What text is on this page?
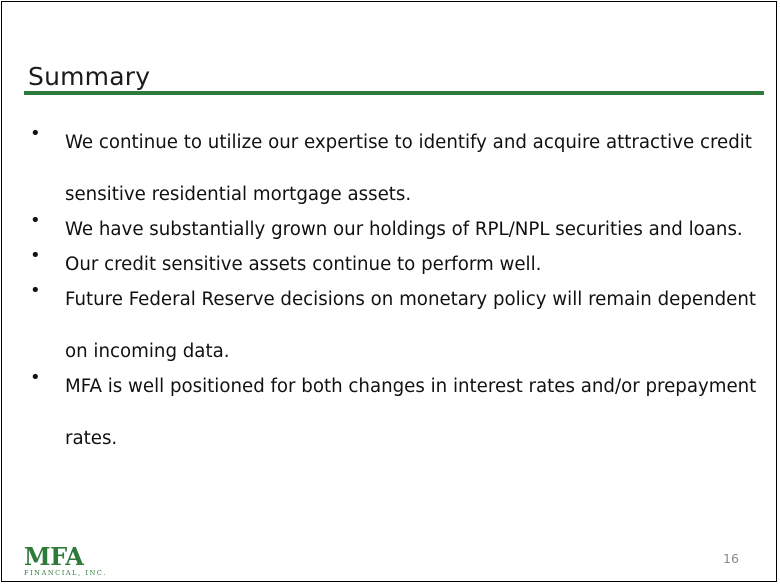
Summary
• We continue to utilize our expertise to identify and acquire attractive credit sensitive residential mortgage assets.
• We have substantially grown our holdings of RPL/NPL securities and loans.
• Our credit sensitive assets continue to perform well.
• Future Federal Reserve decisions on monetary policy will remain dependent on incoming data.
• MFA is well positioned for both changes in interest rates and/or prepayment rates.
MFA
FINANCIAL, INC.
16
